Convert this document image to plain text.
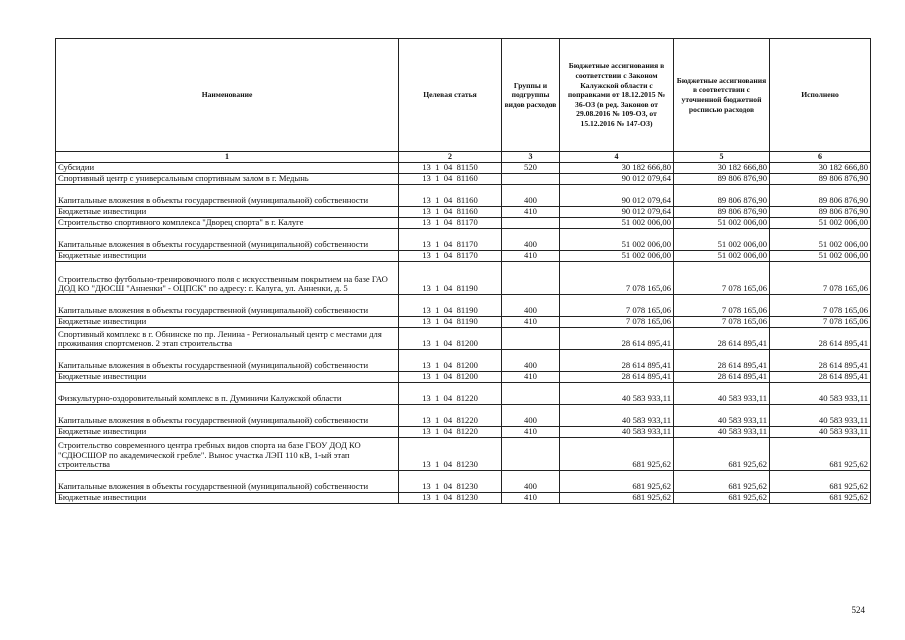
Наименование	Целевая статья	Группы и подгруппы видов расходов	Бюджетные ассигнования в соответствии с Законом Калужской области с поправками от 18.12.2015 № 36-ОЗ (в ред. Законов от 29.08.2016 № 109-ОЗ, от 15.12.2016 № 147-ОЗ)	Бюджетные ассигнования в соответствии с уточненной бюджетной росписью расходов	Исполнено
1	2	3	4	5	6
Субсидии	13  1  04  81150	520	30 182 666,80	30 182 666,80	30 182 666,80
Спортивный центр с универсальным спортивным залом в г. Медынь	13  1  04  81160		90 012 079,64	89 806 876,90	89 806 876,90
Капитальные вложения в объекты государственной (муниципальной) собственности	13  1  04  81160	400	90 012 079,64	89 806 876,90	89 806 876,90
Бюджетные инвестиции	13  1  04  81160	410	90 012 079,64	89 806 876,90	89 806 876,90
Строительство спортивного комплекса "Дворец спорта" в г. Калуге	13  1  04  81170		51 002 006,00	51 002 006,00	51 002 006,00
Капитальные вложения в объекты государственной (муниципальной) собственности	13  1  04  81170	400	51 002 006,00	51 002 006,00	51 002 006,00
Бюджетные инвестиции	13  1  04  81170	410	51 002 006,00	51 002 006,00	51 002 006,00
Строительство футбольно-тренировочного поля с искусственным покрытием на базе ГАО ДОД КО "ДЮСШ "Анненки" - ОЦПСК" по адресу: г. Калуга, ул. Анненки, д. 5	13  1  04  81190		7 078 165,06	7 078 165,06	7 078 165,06
Капитальные вложения в объекты государственной (муниципальной) собственности	13  1  04  81190	400	7 078 165,06	7 078 165,06	7 078 165,06
Бюджетные инвестиции	13  1  04  81190	410	7 078 165,06	7 078 165,06	7 078 165,06
Спортивный комплекс в г. Обнинске по пр. Ленина - Региональный центр с местами для проживания спортсменов. 2 этап строительства	13  1  04  81200		28 614 895,41	28 614 895,41	28 614 895,41
Капитальные вложения в объекты государственной (муниципальной) собственности	13  1  04  81200	400	28 614 895,41	28 614 895,41	28 614 895,41
Бюджетные инвестиции	13  1  04  81200	410	28 614 895,41	28 614 895,41	28 614 895,41
Физкультурно-оздоровительный комплекс в п. Думиничи Калужской области	13  1  04  81220		40 583 933,11	40 583 933,11	40 583 933,11
Капитальные вложения в объекты государственной (муниципальной) собственности	13  1  04  81220	400	40 583 933,11	40 583 933,11	40 583 933,11
Бюджетные инвестиции	13  1  04  81220	410	40 583 933,11	40 583 933,11	40 583 933,11
Строительство современного центра гребных видов спорта на базе ГБОУ ДОД КО "СДЮСШОР по академической гребле". Вынос участка ЛЭП 110 кВ, 1-ый этап строительства	13  1  04  81230		681 925,62	681 925,62	681 925,62
Капитальные вложения в объекты государственной (муниципальной) собственности	13  1  04  81230	400	681 925,62	681 925,62	681 925,62
Бюджетные инвестиции	13  1  04  81230	410	681 925,62	681 925,62	681 925,62
524
